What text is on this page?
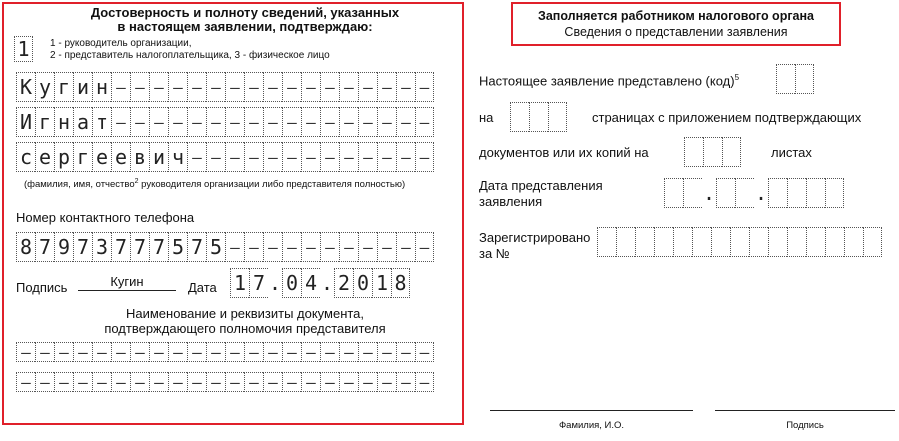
Достоверность и полноту сведений, указанных
в настоящем заявлении, подтверждаю:
1	1 - руководитель организации,
2 - представитель налогоплательщика, 3 - физическое лицо
К у г и н
–
–
–
–
–
–
–
–
–
–
–
–
–
–
–
–
–
И г н а т
–
–
–
–
–
–
–
–
–
–
–
–
–
–
–
–
–
с е р г е е в и ч
–
–
–
–
–
–
–
–
–
–
–
–
–
(фамилия, имя, отчество$^2$ руководителя организации либо представителя полностью)
Номер контактного телефона
8 7 9 7 3 7 7 7 5 7 5
–
–
–
–
–
–
–
–
–
–
–
Подпись	Кугин	Дата 1 7 . 0 4 . 2 0 1 8
Наименование и реквизиты документа,
подтверждающего полномочия представителя
–
–
–
–
–
–
–
–
–
–
–
–
–
–
–
–
–
–
–
–
–
–
–
–
–
–
–
–
–
–
–
–
–
–
–
–
–
–
–
–
–
–
–
–
Заполняется работником налогового органа
Сведения о представлении заявления
Настоящее заявление представлено (код)$^5$
на	страницах с приложением подтверждающих
документов или их копий на	листах
Дата представления
заявления	. .
Зарегистрировано
за №
Фамилия, И.О.	Подпись
